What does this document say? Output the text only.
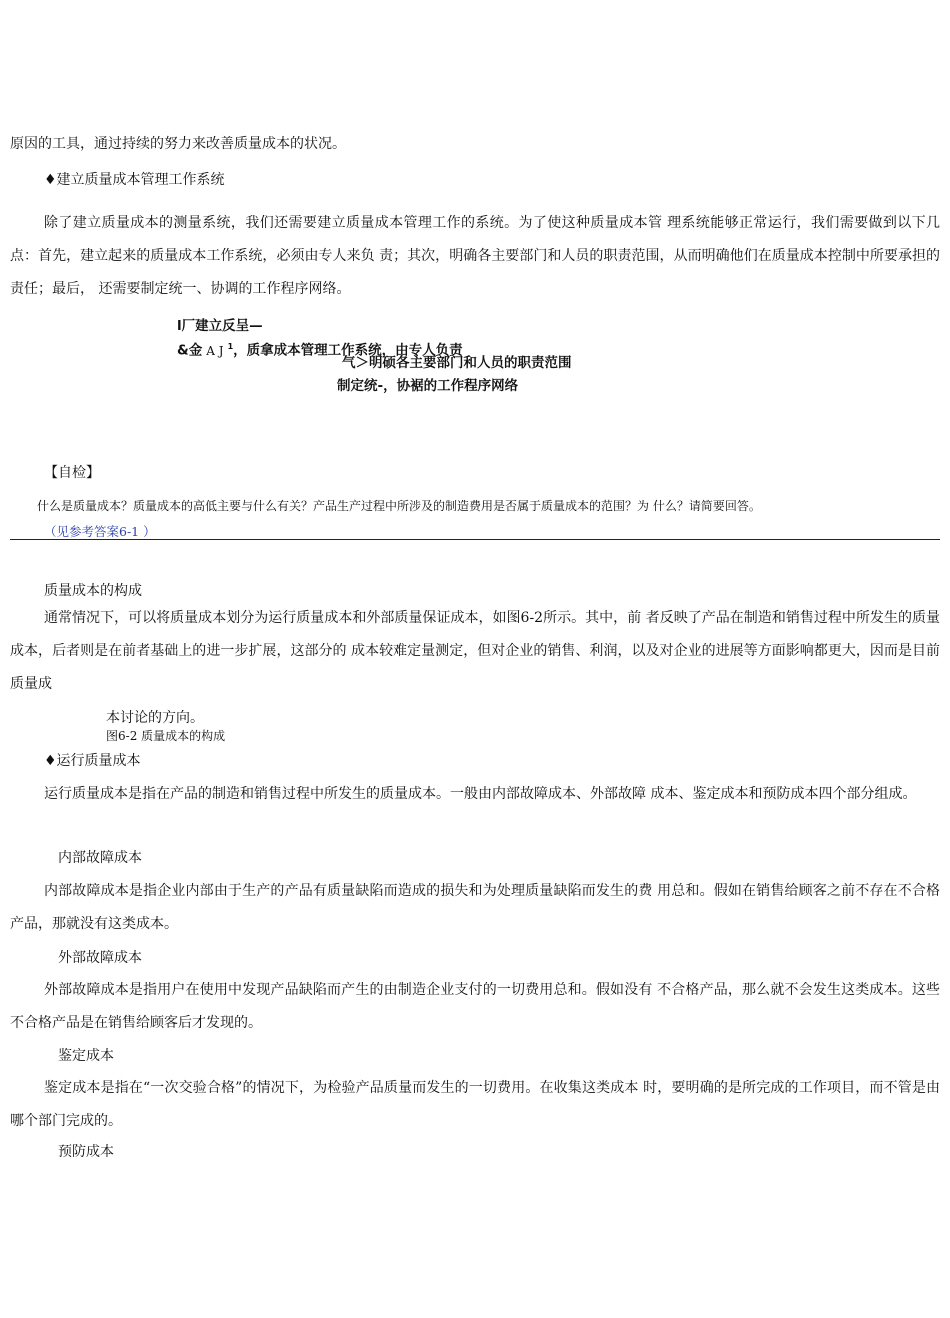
原因的工具，通过持续的努力来改善质量成本的状况。
♦建立质量成本管理工作系统
除了建立质量成本的测量系统，我们还需要建立质量成本管理工作的系统。为了使这种质量成本管 理系统能够正常运行，我们需要做到以下几点：首先，建立起来的质量成本工作系统，必须由专人来负 责；其次，明确各主要部门和人员的职责范围，从而明确他们在质量成本控制中所要承担的责任；最后， 还需要制定统一、协调的工作程序网络。
l厂建立反呈—
&金 A J $^1$，质拿成本管理工作系统，由专人负责
气＞明硕各主要部门和人员的职责范围
制定统-，协裾的工作程序网络
【自检】
什么是质量成本？质量成本的高低主要与什么有关？产品生产过程中所涉及的制造费用是否属于质量成本的范围？为 什么？请简要回答。
（见参考答案6-1 ）
质量成本的构成
通常情况下，可以将质量成本划分为运行质量成本和外部质量保证成本，如图6-2所示。其中，前 者反映了产品在制造和销售过程中所发生的质量成本，后者则是在前者基础上的进一步扩展，这部分的 成本较难定量测定，但对企业的销售、利润，以及对企业的进展等方面影响都更大，因而是目前质量成
本讨论的方向。
图6-2 质量成本的构成
♦运行质量成本
运行质量成本是指在产品的制造和销售过程中所发生的质量成本。一般由内部故障成本、外部故障 成本、鉴定成本和预防成本四个部分组成。
内部故障成本
内部故障成本是指企业内部由于生产的产品有质量缺陷而造成的损失和为处理质量缺陷而发生的费 用总和。假如在销售给顾客之前不存在不合格产品，那就没有这类成本。
外部故障成本
外部故障成本是指用户在使用中发现产品缺陷而产生的由制造企业支付的一切费用总和。假如没有 不合格产品，那么就不会发生这类成本。这些不合格产品是在销售给顾客后才发现的。
鉴定成本
鉴定成本是指在“一次交验合格”的情况下，为检验产品质量而发生的一切费用。在收集这类成本 时，要明确的是所完成的工作项目，而不管是由哪个部门完成的。
预防成本
